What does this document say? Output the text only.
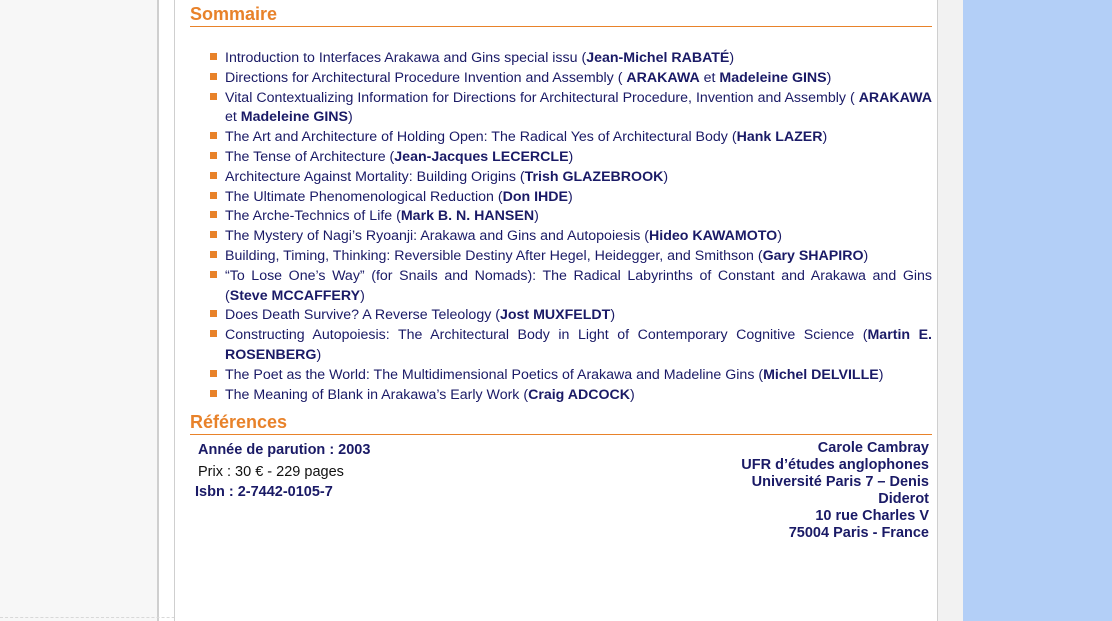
Sommaire
Introduction to Interfaces Arakawa and Gins special issu (Jean-Michel RABATÉ)
Directions for Architectural Procedure Invention and Assembly ( ARAKAWA et Madeleine GINS)
Vital Contextualizing Information for Directions for Architectural Procedure, Invention and Assembly ( ARAKAWA et Madeleine GINS)
The Art and Architecture of Holding Open: The Radical Yes of Architectural Body (Hank LAZER)
The Tense of Architecture (Jean-Jacques LECERCLE)
Architecture Against Mortality: Building Origins (Trish GLAZEBROOK)
The Ultimate Phenomenological Reduction (Don IHDE)
The Arche-Technics of Life (Mark B. N. HANSEN)
The Mystery of Nagi’s Ryoanji: Arakawa and Gins and Autopoiesis (Hideo KAWAMOTO)
Building, Timing, Thinking: Reversible Destiny After Hegel, Heidegger, and Smithson (Gary SHAPIRO)
“To Lose One’s Way” (for Snails and Nomads): The Radical Labyrinths of Constant and Arakawa and Gins (Steve MCCAFFERY)
Does Death Survive? A Reverse Teleology (Jost MUXFELDT)
Constructing Autopoiesis: The Architectural Body in Light of Contemporary Cognitive Science (Martin E. ROSENBERG)
The Poet as the World: The Multidimensional Poetics of Arakawa and Madeline Gins (Michel DELVILLE)
The Meaning of Blank in Arakawa’s Early Work (Craig ADCOCK)
Références
Année de parution : 2003
Prix : 30 € - 229 pages
Isbn : 2-7442-0105-7
Carole Cambray
UFR d’études anglophones
Université Paris 7 – Denis
Diderot
10 rue Charles V
75004 Paris - France
